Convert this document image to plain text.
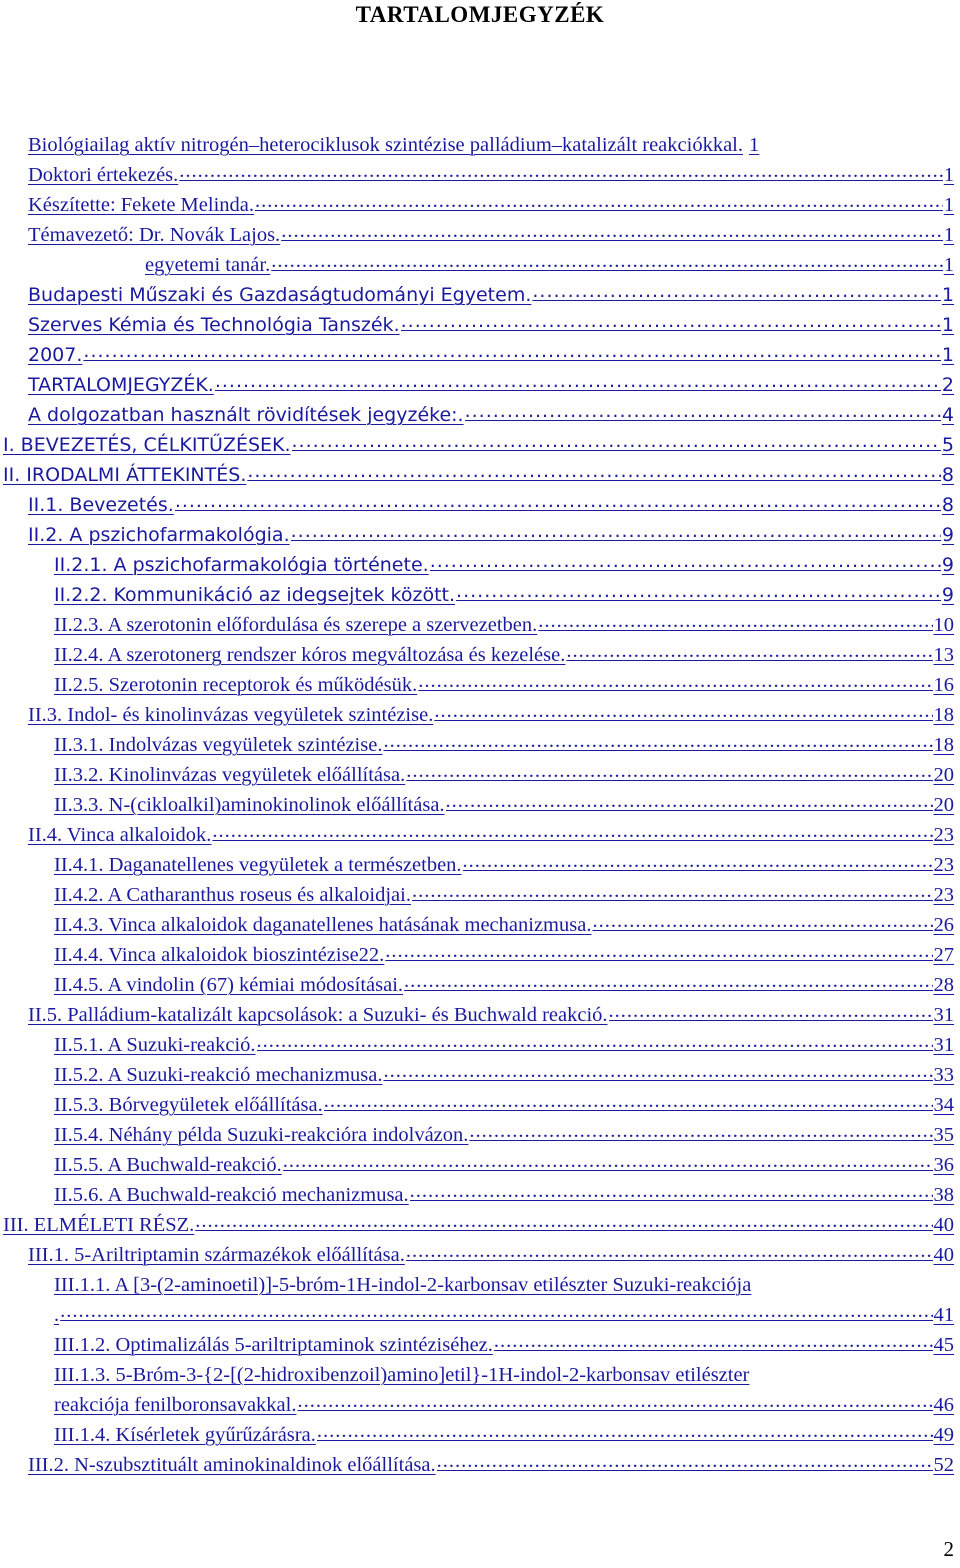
TARTALOMJEGYZÉK
Biológiailag aktív nitrogén–heterociklusok szintézise palládium–katalizált reakciókkal. 1
Doktori értekezés. .....	1
Készítette: Fekete Melinda. .....	1
Témavezető: Dr. Novák Lajos. .....	1
egyetemi tanár. .....	1
Budapesti Műszaki és Gazdaságtudományi Egyetem. .....	1
Szerves Kémia és Technológia Tanszék. .....	1
2007. .....	1
TARTALOMJEGYZÉK. .....	2
A dolgozatban használt rövidítések jegyzéke:. .....	4
I. BEVEZETÉS, CÉLKITŰZÉSEK. .....	5
II. IRODALMI ÁTTEKINTÉS. .....	8
II.1. Bevezetés. .....	8
II.2. A pszichofarmakológia. .....	9
II.2.1. A pszichofarmakológia története. .....	9
II.2.2. Kommunikáció az idegsejtek között. .....	9
II.2.3. A szerotonin előfordulása és szerepe a szervezetben. .....	10
II.2.4. A szerotonerg rendszer kóros megváltozása és kezelése. .....	13
II.2.5. Szerotonin receptorok és működésük. .....	16
II.3. Indol- és kinolinvázas vegyületek szintézise. .....	18
II.3.1. Indolvázas vegyületek szintézise. .....	18
II.3.2. Kinolinvázas vegyületek előállítása. .....	20
II.3.3. N-(cikloalkil)aminokinolinok előállítása. .....	20
II.4. Vinca alkaloidok. .....	23
II.4.1. Daganatellenes vegyületek a természetben. .....	23
II.4.2. A Catharanthus roseus és alkaloidjai. .....	23
II.4.3. Vinca alkaloidok daganatellenes hatásának mechanizmusa. .....	26
II.4.4. Vinca alkaloidok bioszintézise22. .....	27
II.4.5. A vindolin (67) kémiai módosításai. .....	28
II.5. Palládium-katalizált kapcsolások: a Suzuki- és Buchwald reakció. .....	31
II.5.1. A Suzuki-reakció. .....	31
II.5.2. A Suzuki-reakció mechanizmusa. .....	33
II.5.3. Bórvegyületek előállítása. .....	34
II.5.4. Néhány példa Suzuki-reakcióra indolvázon. .....	35
II.5.5. A Buchwald-reakció. .....	36
II.5.6. A Buchwald-reakció mechanizmusa. .....	38
III. ELMÉLETI RÉSZ. .....	40
III.1. 5-Ariltriptamin származékok előállítása. .....	40
III.1.1. A [3-(2-aminoetil)]-5-bróm-1H-indol-2-karbonsav etilészter Suzuki-reakciója
. .....	41
III.1.2. Optimalizálás 5-ariltriptaminok szintéziséhez. .....	45
III.1.3. 5-Bróm-3-{2-[(2-hidroxibenzoil)amino]etil}-1H-indol-2-karbonsav etilészter
reakciója fenilboronsavakkal. .....	46
III.1.4. Kísérletek gyűrűzárásra. .....	49
III.2. N-szubsztituált aminokinaldinok előállítása. .....	52
2
